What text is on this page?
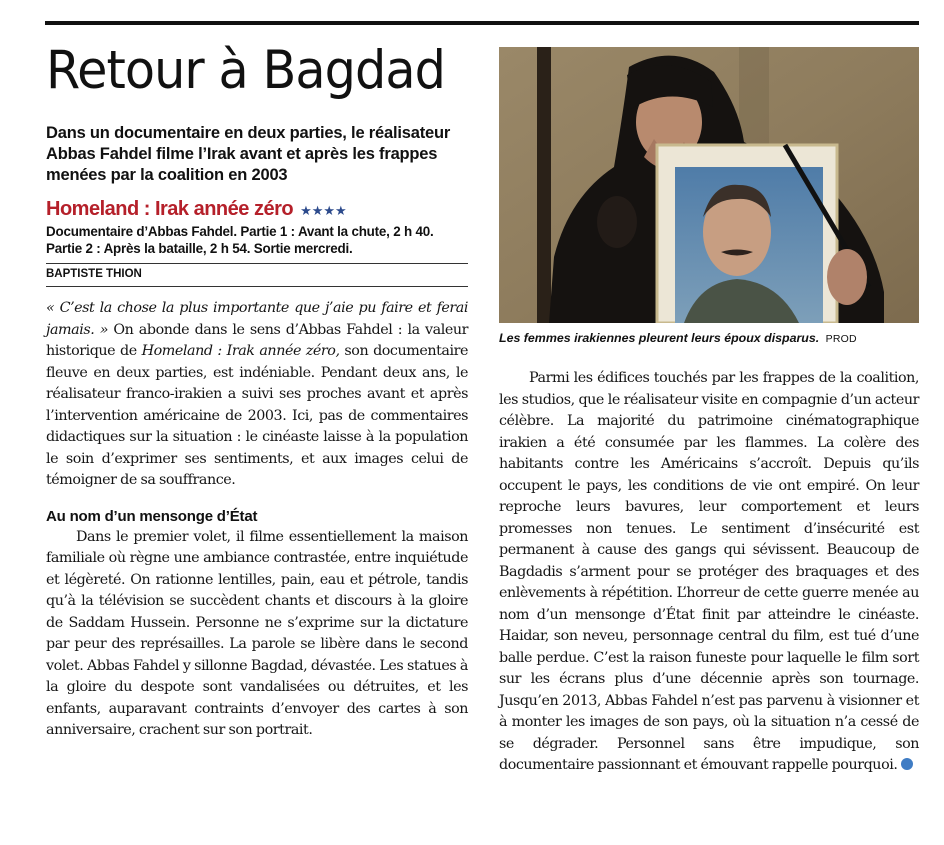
Retour à Bagdad

Dans un documentaire en deux parties, le réalisateur Abbas Fahdel filme l’Irak avant et après les frappes menées par la coalition en 2003

Homeland : Irak année zéro ★★★★
Documentaire d’Abbas Fahdel. Partie 1 : Avant la chute, 2 h 40.
Partie 2 : Après la bataille, 2 h 54. Sortie mercredi.
BAPTISTE THION

« C’est la chose la plus importante que j’aie pu faire et ferai jamais. » On abonde dans le sens d’Abbas Fahdel : la valeur historique de Homeland : Irak année zéro, son documentaire fleuve en deux parties, est indéniable. Pendant deux ans, le réalisateur franco-irakien a suivi ses proches avant et après l’intervention américaine de 2003. Ici, pas de commentaires didactiques sur la situation : le cinéaste laisse à la population le soin d’exprimer ses sentiments, et aux images celui de témoigner de sa souffrance.

Au nom d’un mensonge d’État

Dans le premier volet, il filme essentiellement la maison familiale où règne une ambiance contrastée, entre inquiétude et légèreté. On rationne lentilles, pain, eau et pétrole, tandis qu’à la télévision se succèdent chants et discours à la gloire de Saddam Hussein. Personne ne s’exprime sur la dictature par peur des représailles. La parole se libère dans le second volet. Abbas Fahdel y sillonne Bagdad, dévastée. Les statues à la gloire du despote sont vandalisées ou détruites, et les enfants, auparavant contraints d’envoyer des cartes à son anniversaire, crachent sur son portrait.

Les femmes irakiennes pleurent leurs époux disparus. PROD

Parmi les édifices touchés par les frappes de la coalition, les studios, que le réalisateur visite en compagnie d’un acteur célèbre. La majorité du patrimoine cinématographique irakien a été consumée par les flammes. La colère des habitants contre les Américains s’accroît. Depuis qu’ils occupent le pays, les conditions de vie ont empiré. On leur reproche leurs bavures, leur comportement et leurs promesses non tenues. Le sentiment d’insécurité est permanent à cause des gangs qui sévissent. Beaucoup de Bagdadis s’arment pour se protéger des braquages et des enlèvements à répétition. L’horreur de cette guerre menée au nom d’un mensonge d’État finit par atteindre le cinéaste. Haidar, son neveu, personnage central du film, est tué d’une balle perdue. C’est la raison funeste pour laquelle le film sort sur les écrans plus d’une décennie après son tournage. Jusqu’en 2013, Abbas Fahdel n’est pas parvenu à visionner et à monter les images de son pays, où la situation n’a cessé de se dégrader. Personnel sans être impudique, son documentaire passionnant et émouvant rappelle pourquoi.
